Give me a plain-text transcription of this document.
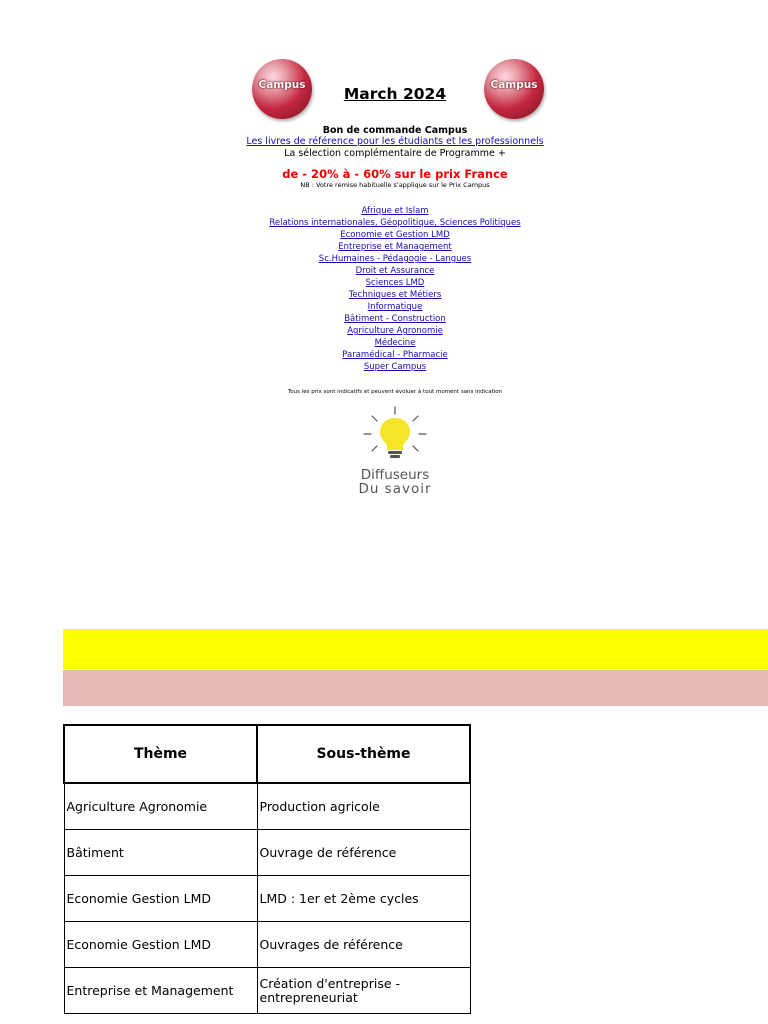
Campus	March 2024	Campus
Bon de commande Campus
Les livres de référence pour les étudiants et les professionnels
La sélection complémentaire de Programme +
de - 20% à - 60% sur le prix France
NB : Votre remise habituelle s'applique sur le Prix Campus
Afrique et Islam
Relations internationales, Géopolitique, Sciences Politiques
Economie et Gestion LMD
Entreprise et Management
Sc.Humaines - Pédagogie - Langues
Droit et Assurance
Sciences LMD
Techniques et Métiers
Informatique
Bâtiment - Construction
Agriculture Agronomie
Médecine
Paramédical - Pharmacie
Super Campus
Tous les prix sont indicatifs et peuvent évoluer à tout moment sans indication
Diffuseurs
Du savoir
Thème	Sous-thème
Agriculture Agronomie	Production agricole
Bâtiment	Ouvrage de référence
Economie Gestion LMD	LMD : 1er et 2ème cycles
Economie Gestion LMD	Ouvrages de référence
Entreprise et Management	Création d'entreprise - entrepreneuriat
